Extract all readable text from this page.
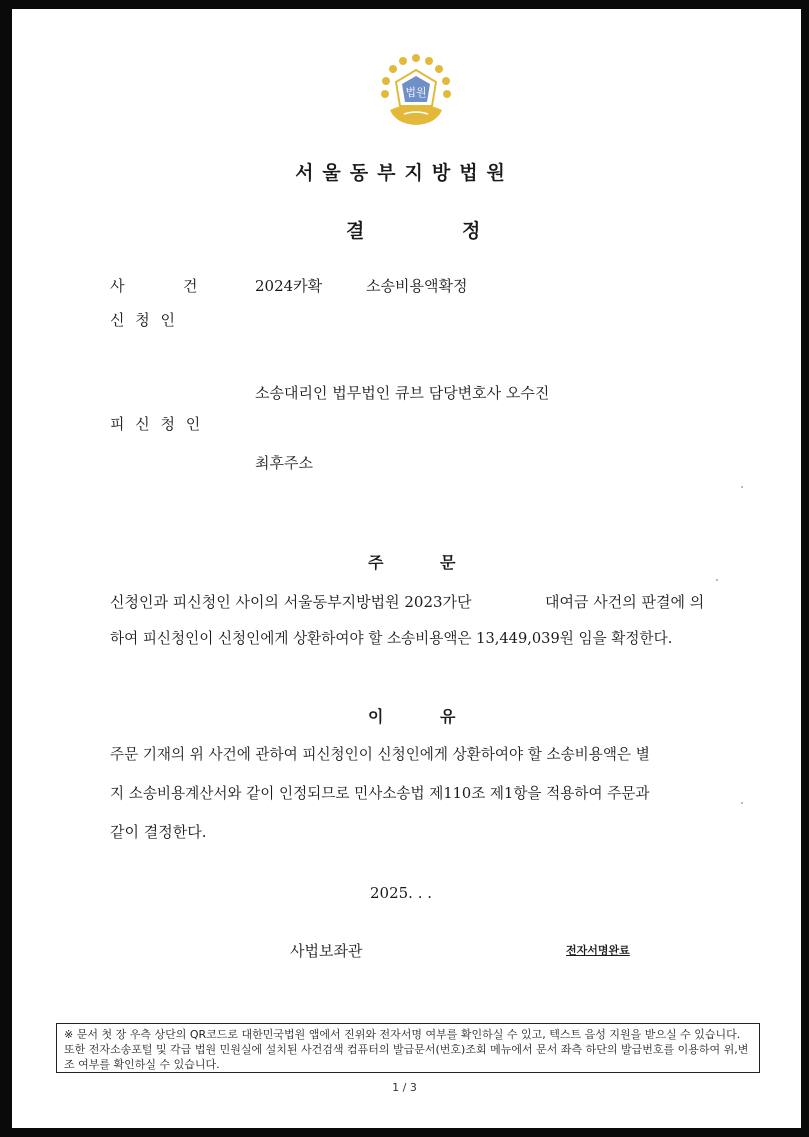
법원
서울동부지방법원
결	정
사	건	2024카확	소송비용액확정
신 청 인
소송대리인 법무법인 큐브 담당변호사 오수진
피 신 청 인
최후주소
주	문
신청인과 피신청인 사이의 서울동부지방법원 2023가단	대여금 사건의 판결에 의
하여 피신청인이 신청인에게 상환하여야 할 소송비용액은 13,449,039원 임을 확정한다.
이	유
주문 기재의 위 사건에 관하여 피신청인이 신청인에게 상환하여야 할 소송비용액은 별
지 소송비용계산서와 같이 인정되므로 민사소송법 제110조 제1항을 적용하여 주문과
같이 결정한다.
2025. . .
사법보좌관	전자서명완료
※ 문서 첫 장 우측 상단의 QR코드로 대한민국법원 앱에서 진위와 전자서명 여부를 확인하실 수 있고, 텍스트 음성 지원을 받으실 수 있습니다. 또한 전자소송포털 및 각급 법원 민원실에 설치된 사건검색 컴퓨터의 발급문서(번호)조회 메뉴에서 문서 좌측 하단의 발급번호를 이용하여 위,변조 여부를 확인하실 수 있습니다.
1 / 3
